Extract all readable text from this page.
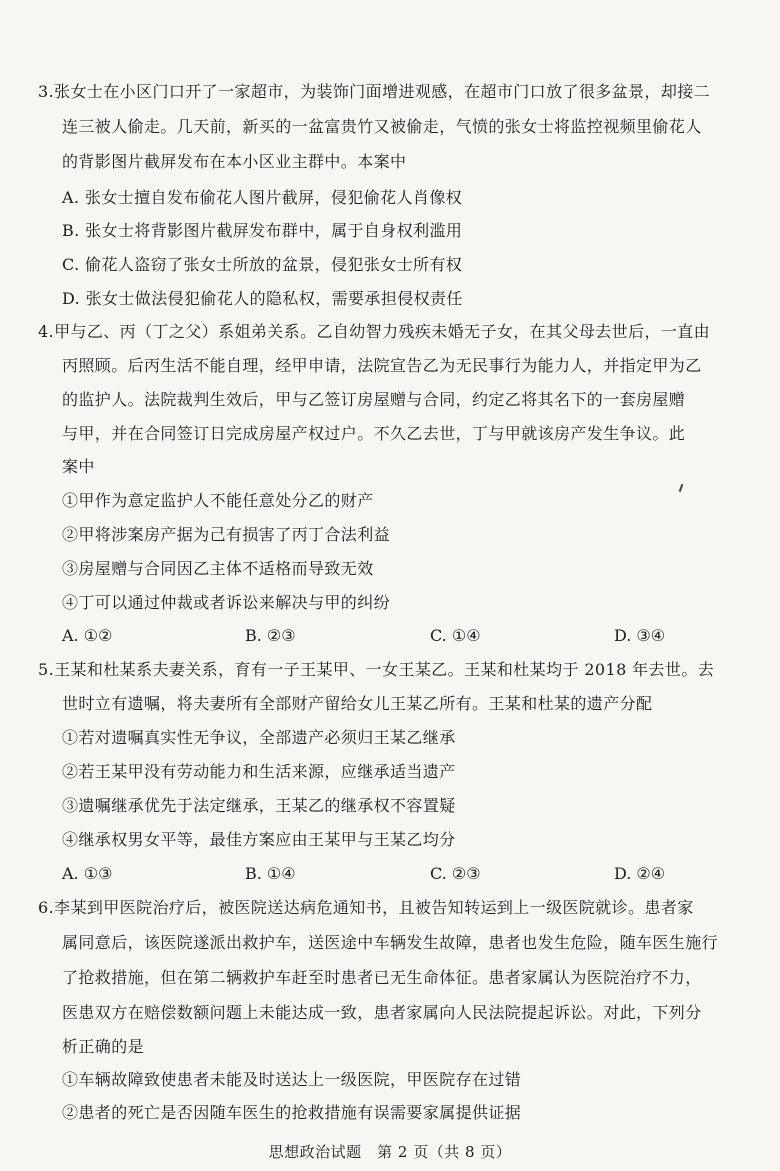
3.张女士在小区门口开了一家超市，为装饰门面增进观感，在超市门口放了很多盆景，却接二
连三被人偷走。几天前，新买的一盆富贵竹又被偷走，气愤的张女士将监控视频里偷花人
的背影图片截屏发布在本小区业主群中。本案中
A. 张女士擅自发布偷花人图片截屏，侵犯偷花人肖像权
B. 张女士将背影图片截屏发布群中，属于自身权利滥用
C. 偷花人盗窃了张女士所放的盆景，侵犯张女士所有权
D. 张女士做法侵犯偷花人的隐私权，需要承担侵权责任
4.甲与乙、丙（丁之父）系姐弟关系。乙自幼智力残疾未婚无子女，在其父母去世后，一直由
丙照顾。后丙生活不能自理，经甲申请，法院宣告乙为无民事行为能力人，并指定甲为乙
的监护人。法院裁判生效后，甲与乙签订房屋赠与合同，约定乙将其名下的一套房屋赠
与甲，并在合同签订日完成房屋产权过户。不久乙去世，丁与甲就该房产发生争议。此
案中
①甲作为意定监护人不能任意处分乙的财产
②甲将涉案房产据为己有损害了丙丁合法利益
③房屋赠与合同因乙主体不适格而导致无效
④丁可以通过仲裁或者诉讼来解决与甲的纠纷
A. ①②	B. ②③	C. ①④	D. ③④
5.王某和杜某系夫妻关系，育有一子王某甲、一女王某乙。王某和杜某均于 2018 年去世。去
世时立有遗嘱，将夫妻所有全部财产留给女儿王某乙所有。王某和杜某的遗产分配
①若对遗嘱真实性无争议，全部遗产必须归王某乙继承
②若王某甲没有劳动能力和生活来源，应继承适当遗产
③遗嘱继承优先于法定继承，王某乙的继承权不容置疑
④继承权男女平等，最佳方案应由王某甲与王某乙均分
A. ①③	B. ①④	C. ②③	D. ②④
6.李某到甲医院治疗后，被医院送达病危通知书，且被告知转运到上一级医院就诊。患者家
属同意后，该医院遂派出救护车，送医途中车辆发生故障，患者也发生危险，随车医生施行
了抢救措施，但在第二辆救护车赶至时患者已无生命体征。患者家属认为医院治疗不力，
医患双方在赔偿数额问题上未能达成一致，患者家属向人民法院提起诉讼。对此，下列分
析正确的是
①车辆故障致使患者未能及时送达上一级医院，甲医院存在过错
②患者的死亡是否因随车医生的抢救措施有误需要家属提供证据
思想政治试题　第 2 页（共 8 页）
